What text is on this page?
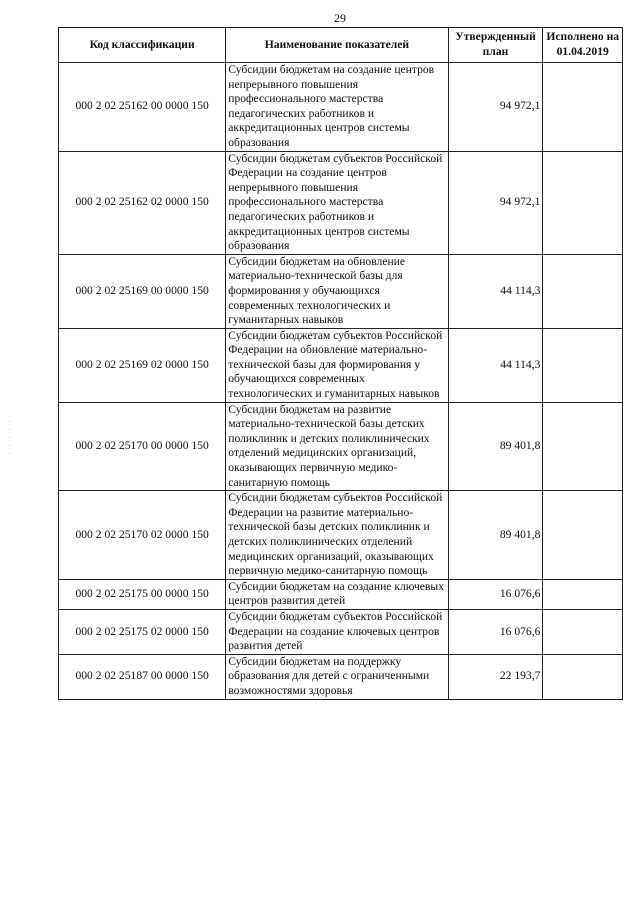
29
·
·
·
·
·
Код классификации	Наименование показателей	Утвержденный план	Исполнено на 01.04.2019
000 2 02 25162 00 0000 150	Субсидии бюджетам на создание центров непрерывного повышения профессионального мастерства педагогических работников и аккредитационных центров системы образования	94 972,1	
000 2 02 25162 02 0000 150	Субсидии бюджетам субъектов Российской Федерации на создание центров непрерывного повышения профессионального мастерства педагогических работников и аккредитационных центров системы образования	94 972,1	
000 2 02 25169 00 0000 150	Субсидии бюджетам на обновление материально-технической базы для формирования у обучающихся современных технологических и гуманитарных навыков	44 114,3	
000 2 02 25169 02 0000 150	Субсидии бюджетам субъектов Российской Федерации на обновление материально-технической базы для формирования у обучающихся современных технологических и гуманитарных навыков	44 114,3	
000 2 02 25170 00 0000 150	Субсидии бюджетам на развитие материально-технической базы детских поликлиник и детских поликлинических отделений медицинских организаций, оказывающих первичную медико-санитарную помощь	89 401,8	
000 2 02 25170 02 0000 150	Субсидии бюджетам субъектов Российской Федерации на развитие материально-технической базы детских поликлиник и детских поликлинических отделений медицинских организаций, оказывающих первичную медико-санитарную помощь	89 401,8	
000 2 02 25175 00 0000 150	Субсидии бюджетам на создание ключевых центров развития детей	16 076,6	
000 2 02 25175 02 0000 150	Субсидии бюджетам субъектов Российской Федерации на создание ключевых центров развития детей	16 076,6	
000 2 02 25187 00 0000 150	Субсидии бюджетам на поддержку образования для детей с ограниченными возможностями здоровья	22 193,7	
